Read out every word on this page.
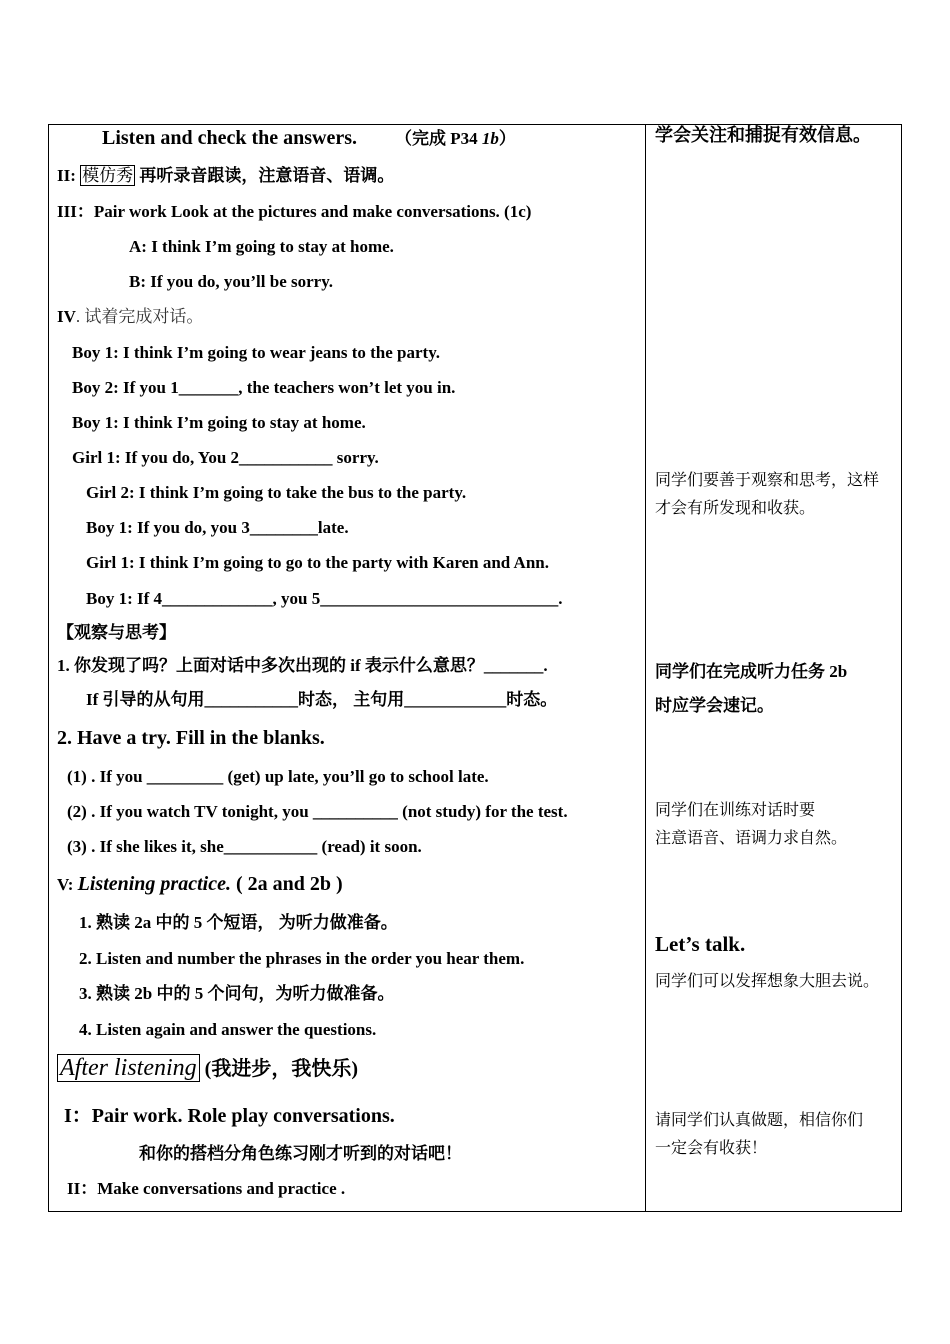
Listen and check the answers. （完成 P34 1b）
II: 模仿秀 再听录音跟读，注意语音、语调。
III：Pair work Look at the pictures and make conversations. (1c)
A: I think I’m going to stay at home.
B: If you do, you’ll be sorry.
IV. 试着完成对话。
Boy 1: I think I’m going to wear jeans to the party.
Boy 2: If you 1_______, the teachers won’t let you in.
Boy 1: I think I’m going to stay at home.
Girl 1: If you do, You 2___________ sorry.
Girl 2: I think I’m going to take the bus to the party.
Boy 1: If you do, you 3________late.
Girl 1: I think I’m going to go to the party with Karen and Ann.
Boy 1: If 4_____________, you 5____________________________.
【观察与思考】
1. 你发现了吗？上面对话中多次出现的 if 表示什么意思？_______.
If 引导的从句用___________时态， 主句用____________时态。
2. Have a try. Fill in the blanks.
(1) . If you _________ (get) up late, you’ll go to school late.
(2) . If you watch TV tonight, you __________ (not study) for the test.
(3) . If she likes it, she___________ (read) it soon.
V: Listening practice. ( 2a and 2b )
1. 熟读 2a 中的 5 个短语， 为听力做准备。
2. Listen and number the phrases in the order you hear them.
3. 熟读 2b 中的 5 个问句，为听力做准备。
4. Listen again and answer the questions.
After listening (我进步，我快乐)
I：Pair work. Role play conversations.
和你的搭档分角色练习刚才听到的对话吧！
II：Make conversations and practice .
学会关注和捕捉有效信息。
同学们要善于观察和思考，这样
才会有所发现和收获。
同学们在完成听力任务 2b
时应学会速记。
同学们在训练对话时要
注意语音、语调力求自然。
Let’s talk.
同学们可以发挥想象大胆去说。
请同学们认真做题，相信你们
一定会有收获！
